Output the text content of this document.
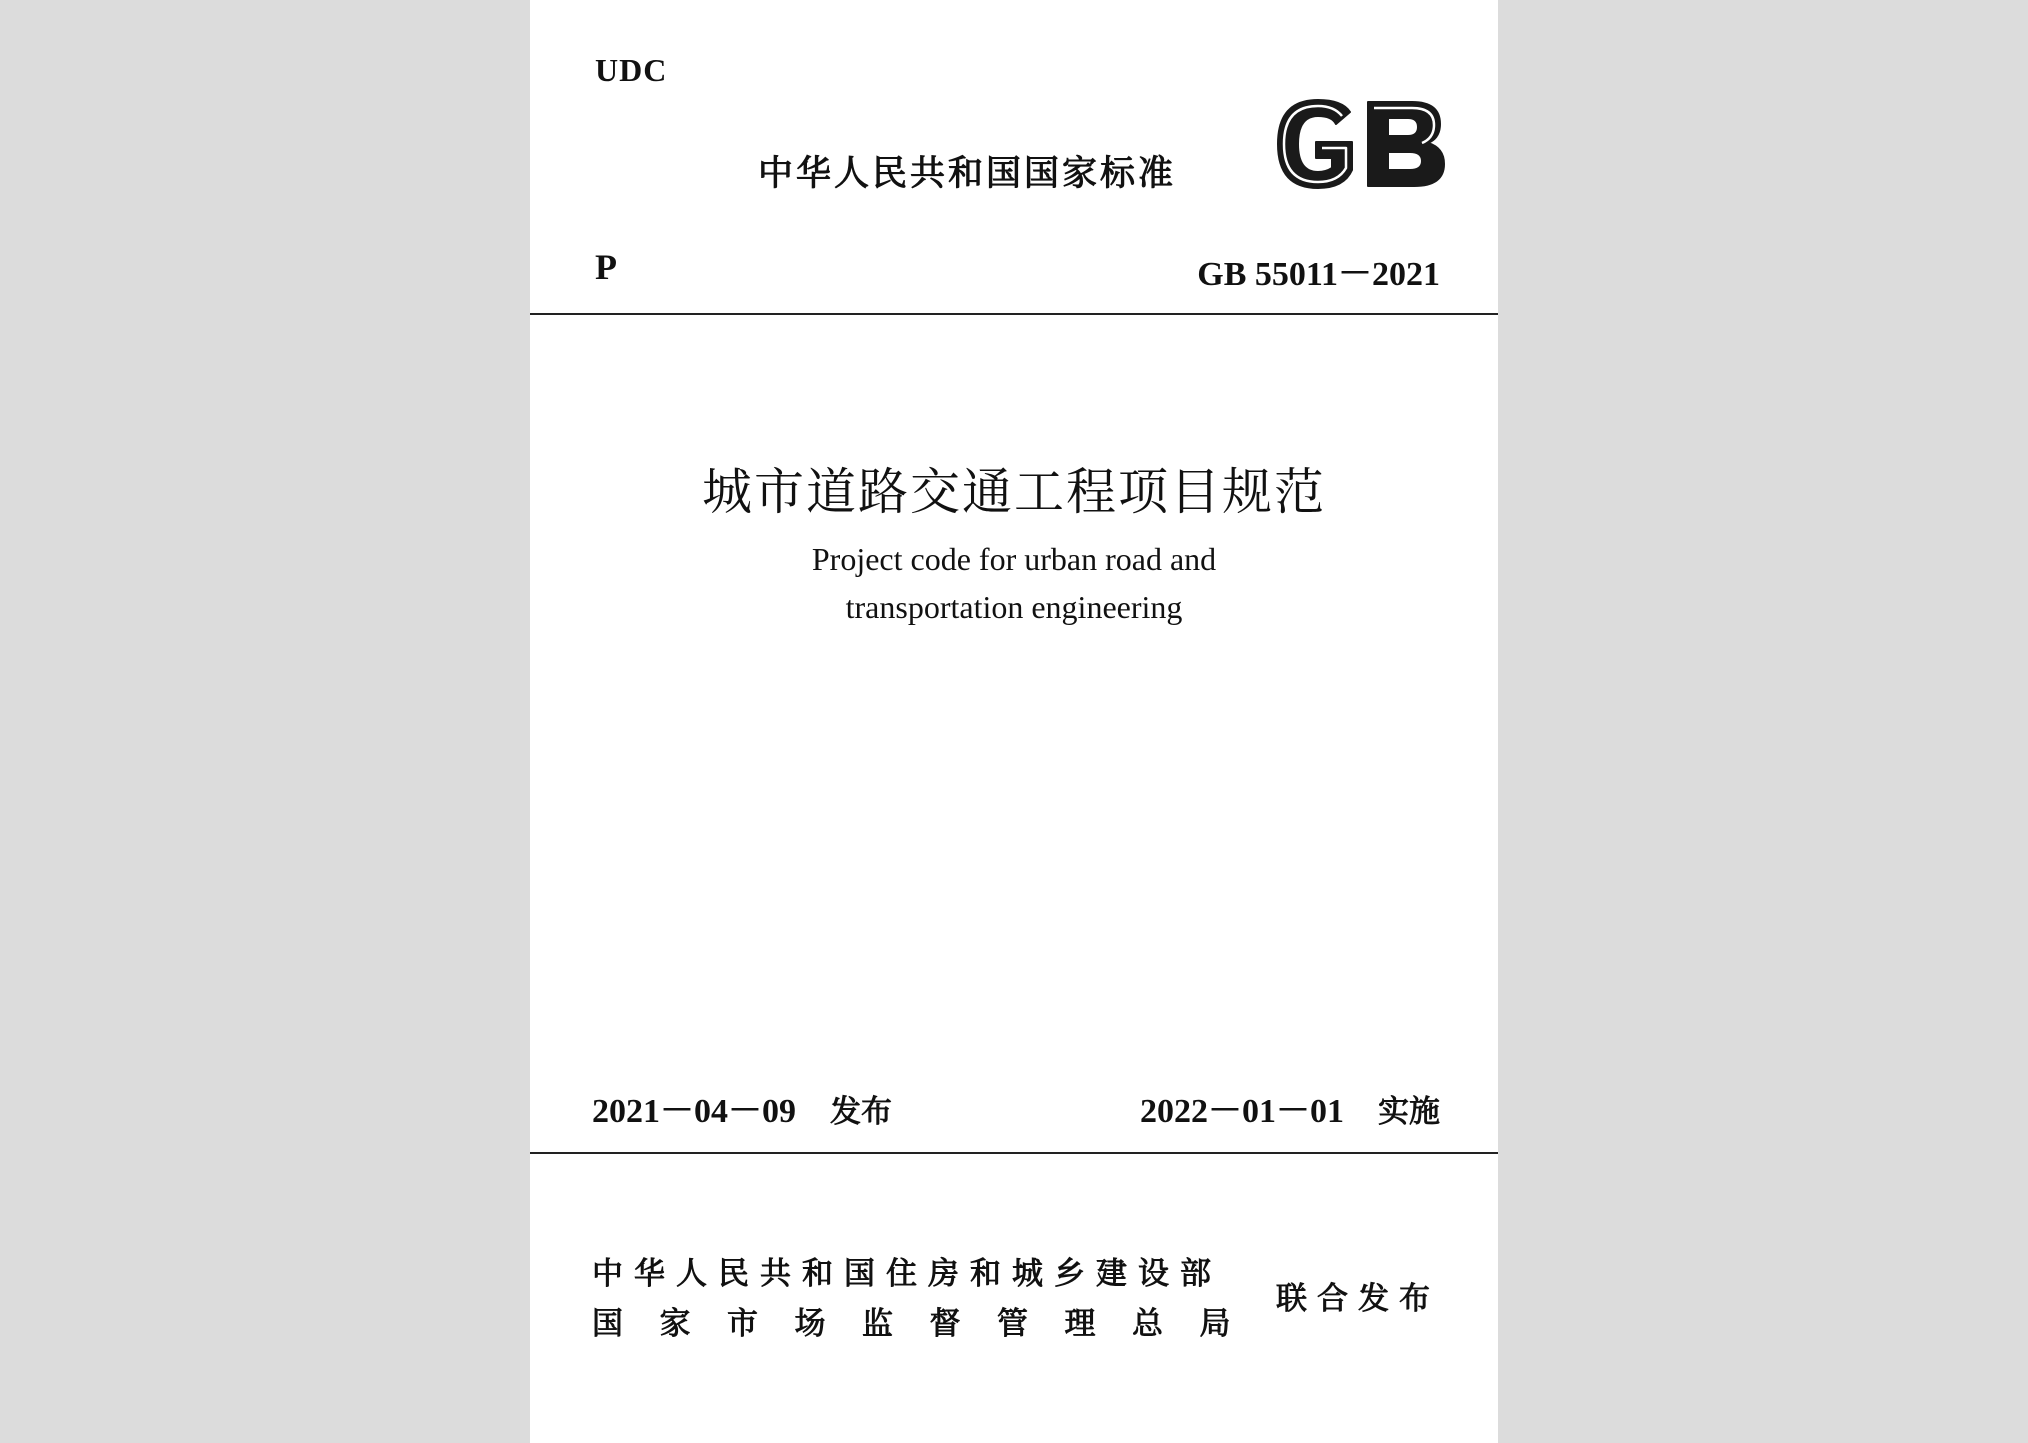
UDC
中华人民共和国国家标准
P	GB 55011－2021
城市道路交通工程项目规范
Project code for urban road and
transportation engineering
2021－04－09 发布	2022－01－01 实施
中华人民共和国住房和城乡建设部
国家市场监督管理总局
联合发布
